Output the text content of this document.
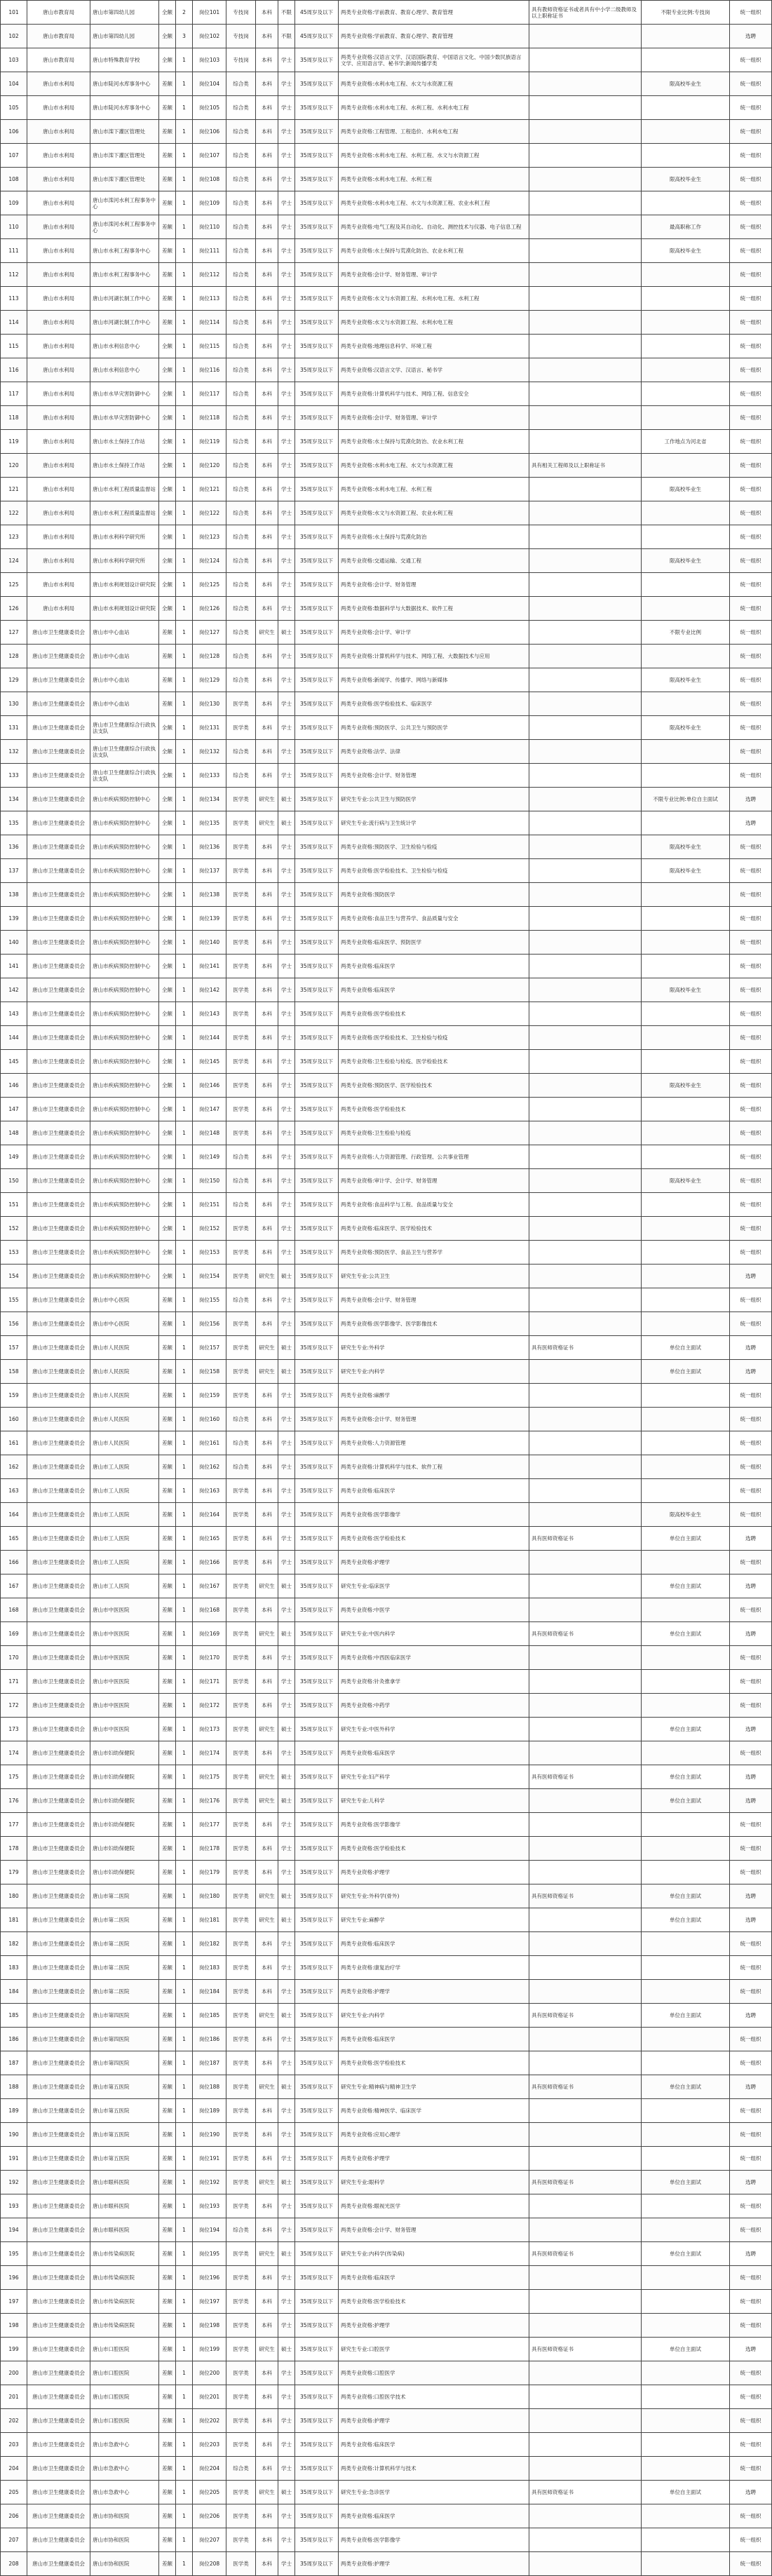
101	唐山市教育局	唐山市第四幼儿园	全额	2	岗位101	专技岗	本科	不限	45周岁及以下	两类专业资格:学前教育、教育心理学、教育管理	具有教师资格证书或者具有中小学二级教师及以上职称证书	不限专业比例:专技岗	统一组织
102	唐山市教育局	唐山市第四幼儿园	全额	3	岗位102	专技岗	本科	不限	45周岁及以下	两类专业资格:学前教育、教育心理学、教育管理			选聘
103	唐山市教育局	唐山市特殊教育学校	全额	1	岗位103	专技岗	本科	学士	35周岁及以下	两类专业资格:汉语言文学、汉语国际教育、中国语言文化、中国少数民族语言文学、应用语言学、秘书学;新闻传播学类			统一组织
104	唐山市水利局	唐山市陡河水库事务中心	差额	1	岗位104	综合类	本科	学士	35周岁及以下	两类专业资格:水利水电工程、水文与水资源工程		限高校毕业生	统一组织
105	唐山市水利局	唐山市陡河水库事务中心	差额	1	岗位105	综合类	本科	学士	35周岁及以下	两类专业资格:水利水电工程、水利工程、水利水电工程			统一组织
106	唐山市水利局	唐山市滦下灌区管理处	差额	1	岗位106	综合类	本科	学士	35周岁及以下	两类专业资格:工程管理、工程造价、水利水电工程			统一组织
107	唐山市水利局	唐山市滦下灌区管理处	差额	1	岗位107	综合类	本科	学士	35周岁及以下	两类专业资格:水利水电工程、水利工程、水文与水资源工程			统一组织
108	唐山市水利局	唐山市滦下灌区管理处	差额	1	岗位108	综合类	本科	学士	35周岁及以下	两类专业资格:水利水电工程、水利工程		限高校毕业生	统一组织
109	唐山市水利局	唐山市滦河水利工程事务中心	差额	1	岗位109	综合类	本科	学士	35周岁及以下	两类专业资格:水利水电工程、水文与水资源工程、农业水利工程			统一组织
110	唐山市水利局	唐山市滦河水利工程事务中心	差额	1	岗位110	综合类	本科	学士	35周岁及以下	两类专业资格:电气工程及其自动化、自动化、测控技术与仪器、电子信息工程		最高职称工作	统一组织
111	唐山市水利局	唐山市水利工程事务中心	差额	1	岗位111	综合类	本科	学士	35周岁及以下	两类专业资格:水土保持与荒漠化防治、农业水利工程		限高校毕业生	统一组织
112	唐山市水利局	唐山市水利工程事务中心	差额	1	岗位112	综合类	本科	学士	35周岁及以下	两类专业资格:会计学、财务管理、审计学			统一组织
113	唐山市水利局	唐山市河湖长制工作中心	差额	1	岗位113	综合类	本科	学士	35周岁及以下	两类专业资格:水文与水资源工程、水利水电工程、水利工程			统一组织
114	唐山市水利局	唐山市河湖长制工作中心	差额	1	岗位114	综合类	本科	学士	35周岁及以下	两类专业资格:水文与水资源工程、水利水电工程			统一组织
115	唐山市水利局	唐山市水利信息中心	全额	1	岗位115	综合类	本科	学士	35周岁及以下	两类专业资格:地理信息科学、环境工程			统一组织
116	唐山市水利局	唐山市水利信息中心	全额	1	岗位116	综合类	本科	学士	35周岁及以下	两类专业资格:汉语言文学、汉语言、秘书学			统一组织
117	唐山市水利局	唐山市水旱灾害防御中心	全额	1	岗位117	综合类	本科	学士	35周岁及以下	两类专业资格:计算机科学与技术、网络工程、信息安全			统一组织
118	唐山市水利局	唐山市水旱灾害防御中心	全额	1	岗位118	综合类	本科	学士	35周岁及以下	两类专业资格:会计学、财务管理、审计学			统一组织
119	唐山市水利局	唐山市水土保持工作站	全额	1	岗位119	综合类	本科	学士	35周岁及以下	两类专业资格:水土保持与荒漠化防治、农业水利工程		工作地点为河北省	统一组织
120	唐山市水利局	唐山市水土保持工作站	全额	1	岗位120	综合类	本科	学士	35周岁及以下	两类专业资格:水利水电工程、水文与水资源工程	具有相关工程师及以上职称证书		统一组织
121	唐山市水利局	唐山市水利工程质量监督站	全额	1	岗位121	综合类	本科	学士	35周岁及以下	两类专业资格:水利水电工程、水利工程		限高校毕业生	统一组织
122	唐山市水利局	唐山市水利工程质量监督站	全额	1	岗位122	综合类	本科	学士	35周岁及以下	两类专业资格:水文与水资源工程、农业水利工程			统一组织
123	唐山市水利局	唐山市水利科学研究所	全额	1	岗位123	综合类	本科	学士	35周岁及以下	两类专业资格:水土保持与荒漠化防治			统一组织
124	唐山市水利局	唐山市水利科学研究所	全额	1	岗位124	综合类	本科	学士	35周岁及以下	两类专业资格:交通运输、交通工程		限高校毕业生	统一组织
125	唐山市水利局	唐山市水利规划设计研究院	全额	1	岗位125	综合类	本科	学士	35周岁及以下	两类专业资格:会计学、财务管理			统一组织
126	唐山市水利局	唐山市水利规划设计研究院	全额	1	岗位126	综合类	本科	学士	35周岁及以下	两类专业资格:数据科学与大数据技术、软件工程			统一组织
127	唐山市卫生健康委员会	唐山市中心血站	差额	1	岗位127	综合类	研究生	硕士	35周岁及以下	两类专业资格:会计学、审计学		不限专业比例	统一组织
128	唐山市卫生健康委员会	唐山市中心血站	差额	1	岗位128	综合类	本科	学士	35周岁及以下	两类专业资格:计算机科学与技术、网络工程、大数据技术与应用			统一组织
129	唐山市卫生健康委员会	唐山市中心血站	差额	1	岗位129	综合类	本科	学士	35周岁及以下	两类专业资格:新闻学、传播学、网络与新媒体		限高校毕业生	统一组织
130	唐山市卫生健康委员会	唐山市中心血站	差额	1	岗位130	医学类	本科	学士	35周岁及以下	两类专业资格:医学检验技术、临床医学			统一组织
131	唐山市卫生健康委员会	唐山市卫生健康综合行政执法支队	全额	1	岗位131	医学类	本科	学士	35周岁及以下	两类专业资格:预防医学、公共卫生与预防医学		限高校毕业生	统一组织
132	唐山市卫生健康委员会	唐山市卫生健康综合行政执法支队	全额	1	岗位132	综合类	本科	学士	35周岁及以下	两类专业资格:法学、法律			统一组织
133	唐山市卫生健康委员会	唐山市卫生健康综合行政执法支队	全额	1	岗位133	综合类	本科	学士	35周岁及以下	两类专业资格:会计学、财务管理			统一组织
134	唐山市卫生健康委员会	唐山市疾病预防控制中心	全额	1	岗位134	医学类	研究生	硕士	35周岁及以下	研究生专业:公共卫生与预防医学		不限专业比例:单位自主面试	选聘
135	唐山市卫生健康委员会	唐山市疾病预防控制中心	全额	1	岗位135	医学类	研究生	硕士	35周岁及以下	研究生专业:流行病与卫生统计学			选聘
136	唐山市卫生健康委员会	唐山市疾病预防控制中心	全额	1	岗位136	医学类	本科	学士	35周岁及以下	两类专业资格:预防医学、卫生检验与检疫		限高校毕业生	统一组织
137	唐山市卫生健康委员会	唐山市疾病预防控制中心	全额	1	岗位137	医学类	本科	学士	35周岁及以下	两类专业资格:医学检验技术、卫生检验与检疫		限高校毕业生	统一组织
138	唐山市卫生健康委员会	唐山市疾病预防控制中心	全额	1	岗位138	医学类	本科	学士	35周岁及以下	两类专业资格:预防医学			统一组织
139	唐山市卫生健康委员会	唐山市疾病预防控制中心	全额	1	岗位139	医学类	本科	学士	35周岁及以下	两类专业资格:食品卫生与营养学、食品质量与安全			统一组织
140	唐山市卫生健康委员会	唐山市疾病预防控制中心	全额	1	岗位140	医学类	本科	学士	35周岁及以下	两类专业资格:临床医学、预防医学			统一组织
141	唐山市卫生健康委员会	唐山市疾病预防控制中心	全额	1	岗位141	医学类	本科	学士	35周岁及以下	两类专业资格:临床医学			统一组织
142	唐山市卫生健康委员会	唐山市疾病预防控制中心	全额	1	岗位142	医学类	本科	学士	35周岁及以下	两类专业资格:临床医学		限高校毕业生	统一组织
143	唐山市卫生健康委员会	唐山市疾病预防控制中心	全额	1	岗位143	医学类	本科	学士	35周岁及以下	两类专业资格:医学检验技术			统一组织
144	唐山市卫生健康委员会	唐山市疾病预防控制中心	全额	1	岗位144	医学类	本科	学士	35周岁及以下	两类专业资格:医学检验技术、卫生检验与检疫			统一组织
145	唐山市卫生健康委员会	唐山市疾病预防控制中心	全额	1	岗位145	医学类	本科	学士	35周岁及以下	两类专业资格:卫生检验与检疫、医学检验技术			统一组织
146	唐山市卫生健康委员会	唐山市疾病预防控制中心	全额	1	岗位146	医学类	本科	学士	35周岁及以下	两类专业资格:预防医学、医学检验技术		限高校毕业生	统一组织
147	唐山市卫生健康委员会	唐山市疾病预防控制中心	全额	1	岗位147	医学类	本科	学士	35周岁及以下	两类专业资格:医学检验技术			统一组织
148	唐山市卫生健康委员会	唐山市疾病预防控制中心	全额	1	岗位148	医学类	本科	学士	35周岁及以下	两类专业资格:卫生检验与检疫			统一组织
149	唐山市卫生健康委员会	唐山市疾病预防控制中心	全额	1	岗位149	综合类	本科	学士	35周岁及以下	两类专业资格:人力资源管理、行政管理、公共事业管理			统一组织
150	唐山市卫生健康委员会	唐山市疾病预防控制中心	全额	1	岗位150	综合类	本科	学士	35周岁及以下	两类专业资格:审计学、会计学、财务管理		限高校毕业生	统一组织
151	唐山市卫生健康委员会	唐山市疾病预防控制中心	全额	1	岗位151	综合类	本科	学士	35周岁及以下	两类专业资格:食品科学与工程、食品质量与安全			统一组织
152	唐山市卫生健康委员会	唐山市疾病预防控制中心	全额	1	岗位152	医学类	本科	学士	35周岁及以下	两类专业资格:临床医学、医学检验技术			统一组织
153	唐山市卫生健康委员会	唐山市疾病预防控制中心	全额	1	岗位153	医学类	本科	学士	35周岁及以下	两类专业资格:预防医学、食品卫生与营养学			统一组织
154	唐山市卫生健康委员会	唐山市疾病预防控制中心	全额	1	岗位154	医学类	研究生	硕士	35周岁及以下	研究生专业:公共卫生			选聘
155	唐山市卫生健康委员会	唐山市中心医院	差额	1	岗位155	综合类	本科	学士	35周岁及以下	两类专业资格:会计学、财务管理			统一组织
156	唐山市卫生健康委员会	唐山市中心医院	差额	1	岗位156	医学类	本科	学士	35周岁及以下	两类专业资格:医学影像学、医学影像技术			统一组织
157	唐山市卫生健康委员会	唐山市人民医院	差额	1	岗位157	医学类	研究生	硕士	35周岁及以下	研究生专业:外科学	具有医师资格证书	单位自主面试	选聘
158	唐山市卫生健康委员会	唐山市人民医院	差额	1	岗位158	医学类	研究生	硕士	35周岁及以下	研究生专业:内科学		单位自主面试	选聘
159	唐山市卫生健康委员会	唐山市人民医院	差额	1	岗位159	医学类	本科	学士	35周岁及以下	两类专业资格:麻醉学			统一组织
160	唐山市卫生健康委员会	唐山市人民医院	差额	1	岗位160	综合类	本科	学士	35周岁及以下	两类专业资格:会计学、财务管理			统一组织
161	唐山市卫生健康委员会	唐山市人民医院	差额	1	岗位161	综合类	本科	学士	35周岁及以下	两类专业资格:人力资源管理			统一组织
162	唐山市卫生健康委员会	唐山市工人医院	差额	1	岗位162	综合类	本科	学士	35周岁及以下	两类专业资格:计算机科学与技术、软件工程			统一组织
163	唐山市卫生健康委员会	唐山市工人医院	差额	1	岗位163	医学类	本科	学士	35周岁及以下	两类专业资格:临床医学			统一组织
164	唐山市卫生健康委员会	唐山市工人医院	差额	1	岗位164	医学类	本科	学士	35周岁及以下	两类专业资格:医学影像学		限高校毕业生	统一组织
165	唐山市卫生健康委员会	唐山市工人医院	差额	1	岗位165	医学类	本科	学士	35周岁及以下	两类专业资格:医学检验技术	具有医师资格证书	单位自主面试	选聘
166	唐山市卫生健康委员会	唐山市工人医院	差额	1	岗位166	医学类	本科	学士	35周岁及以下	两类专业资格:护理学			统一组织
167	唐山市卫生健康委员会	唐山市工人医院	差额	1	岗位167	医学类	研究生	硕士	35周岁及以下	研究生专业:临床医学		单位自主面试	选聘
168	唐山市卫生健康委员会	唐山市中医医院	差额	1	岗位168	医学类	本科	学士	35周岁及以下	两类专业资格:中医学			统一组织
169	唐山市卫生健康委员会	唐山市中医医院	差额	1	岗位169	医学类	研究生	硕士	35周岁及以下	研究生专业:中医内科学	具有医师资格证书	单位自主面试	选聘
170	唐山市卫生健康委员会	唐山市中医医院	差额	1	岗位170	医学类	本科	学士	35周岁及以下	两类专业资格:中西医临床医学			统一组织
171	唐山市卫生健康委员会	唐山市中医医院	差额	1	岗位171	医学类	本科	学士	35周岁及以下	两类专业资格:针灸推拿学			统一组织
172	唐山市卫生健康委员会	唐山市中医医院	差额	1	岗位172	医学类	本科	学士	35周岁及以下	两类专业资格:中药学			统一组织
173	唐山市卫生健康委员会	唐山市中医医院	差额	1	岗位173	医学类	研究生	硕士	35周岁及以下	研究生专业:中医外科学		单位自主面试	选聘
174	唐山市卫生健康委员会	唐山市妇幼保健院	差额	1	岗位174	医学类	本科	学士	35周岁及以下	两类专业资格:临床医学			统一组织
175	唐山市卫生健康委员会	唐山市妇幼保健院	差额	1	岗位175	医学类	研究生	硕士	35周岁及以下	研究生专业:妇产科学	具有医师资格证书	单位自主面试	选聘
176	唐山市卫生健康委员会	唐山市妇幼保健院	差额	1	岗位176	医学类	研究生	硕士	35周岁及以下	研究生专业:儿科学		单位自主面试	选聘
177	唐山市卫生健康委员会	唐山市妇幼保健院	差额	1	岗位177	医学类	本科	学士	35周岁及以下	两类专业资格:医学影像学			统一组织
178	唐山市卫生健康委员会	唐山市妇幼保健院	差额	1	岗位178	医学类	本科	学士	35周岁及以下	两类专业资格:医学检验技术			统一组织
179	唐山市卫生健康委员会	唐山市妇幼保健院	差额	1	岗位179	医学类	本科	学士	35周岁及以下	两类专业资格:护理学			统一组织
180	唐山市卫生健康委员会	唐山市第二医院	差额	1	岗位180	医学类	研究生	硕士	35周岁及以下	研究生专业:外科学(骨外)	具有医师资格证书	单位自主面试	选聘
181	唐山市卫生健康委员会	唐山市第二医院	差额	1	岗位181	医学类	研究生	硕士	35周岁及以下	研究生专业:麻醉学		单位自主面试	选聘
182	唐山市卫生健康委员会	唐山市第二医院	差额	1	岗位182	医学类	本科	学士	35周岁及以下	两类专业资格:临床医学			统一组织
183	唐山市卫生健康委员会	唐山市第二医院	差额	1	岗位183	医学类	本科	学士	35周岁及以下	两类专业资格:康复治疗学			统一组织
184	唐山市卫生健康委员会	唐山市第二医院	差额	1	岗位184	医学类	本科	学士	35周岁及以下	两类专业资格:护理学			统一组织
185	唐山市卫生健康委员会	唐山市第四医院	差额	1	岗位185	医学类	研究生	硕士	35周岁及以下	研究生专业:内科学	具有医师资格证书	单位自主面试	选聘
186	唐山市卫生健康委员会	唐山市第四医院	差额	1	岗位186	医学类	本科	学士	35周岁及以下	两类专业资格:临床医学			统一组织
187	唐山市卫生健康委员会	唐山市第四医院	差额	1	岗位187	医学类	本科	学士	35周岁及以下	两类专业资格:医学检验技术			统一组织
188	唐山市卫生健康委员会	唐山市第五医院	差额	1	岗位188	医学类	研究生	硕士	35周岁及以下	研究生专业:精神病与精神卫生学	具有医师资格证书	单位自主面试	选聘
189	唐山市卫生健康委员会	唐山市第五医院	差额	1	岗位189	医学类	本科	学士	35周岁及以下	两类专业资格:精神医学、临床医学			统一组织
190	唐山市卫生健康委员会	唐山市第五医院	差额	1	岗位190	医学类	本科	学士	35周岁及以下	两类专业资格:应用心理学			统一组织
191	唐山市卫生健康委员会	唐山市第五医院	差额	1	岗位191	医学类	本科	学士	35周岁及以下	两类专业资格:护理学			统一组织
192	唐山市卫生健康委员会	唐山市眼科医院	差额	1	岗位192	医学类	研究生	硕士	35周岁及以下	研究生专业:眼科学	具有医师资格证书	单位自主面试	选聘
193	唐山市卫生健康委员会	唐山市眼科医院	差额	1	岗位193	医学类	本科	学士	35周岁及以下	两类专业资格:眼视光医学			统一组织
194	唐山市卫生健康委员会	唐山市眼科医院	差额	1	岗位194	综合类	本科	学士	35周岁及以下	两类专业资格:会计学、财务管理			统一组织
195	唐山市卫生健康委员会	唐山市传染病医院	差额	1	岗位195	医学类	研究生	硕士	35周岁及以下	研究生专业:内科学(传染病)	具有医师资格证书	单位自主面试	选聘
196	唐山市卫生健康委员会	唐山市传染病医院	差额	1	岗位196	医学类	本科	学士	35周岁及以下	两类专业资格:临床医学			统一组织
197	唐山市卫生健康委员会	唐山市传染病医院	差额	1	岗位197	医学类	本科	学士	35周岁及以下	两类专业资格:医学检验技术			统一组织
198	唐山市卫生健康委员会	唐山市传染病医院	差额	1	岗位198	医学类	本科	学士	35周岁及以下	两类专业资格:护理学			统一组织
199	唐山市卫生健康委员会	唐山市口腔医院	差额	1	岗位199	医学类	研究生	硕士	35周岁及以下	研究生专业:口腔医学	具有医师资格证书	单位自主面试	选聘
200	唐山市卫生健康委员会	唐山市口腔医院	差额	1	岗位200	医学类	本科	学士	35周岁及以下	两类专业资格:口腔医学			统一组织
201	唐山市卫生健康委员会	唐山市口腔医院	差额	1	岗位201	医学类	本科	学士	35周岁及以下	两类专业资格:口腔医学技术			统一组织
202	唐山市卫生健康委员会	唐山市口腔医院	差额	1	岗位202	医学类	本科	学士	35周岁及以下	两类专业资格:护理学			统一组织
203	唐山市卫生健康委员会	唐山市急救中心	差额	1	岗位203	医学类	本科	学士	35周岁及以下	两类专业资格:临床医学			统一组织
204	唐山市卫生健康委员会	唐山市急救中心	差额	1	岗位204	综合类	本科	学士	35周岁及以下	两类专业资格:计算机科学与技术			统一组织
205	唐山市卫生健康委员会	唐山市急救中心	差额	1	岗位205	医学类	研究生	硕士	35周岁及以下	研究生专业:急诊医学	具有医师资格证书	单位自主面试	选聘
206	唐山市卫生健康委员会	唐山市协和医院	差额	1	岗位206	医学类	本科	学士	35周岁及以下	两类专业资格:临床医学			统一组织
207	唐山市卫生健康委员会	唐山市协和医院	差额	1	岗位207	医学类	本科	学士	35周岁及以下	两类专业资格:医学影像学			统一组织
208	唐山市卫生健康委员会	唐山市协和医院	差额	1	岗位208	医学类	本科	学士	35周岁及以下	两类专业资格:护理学			统一组织
